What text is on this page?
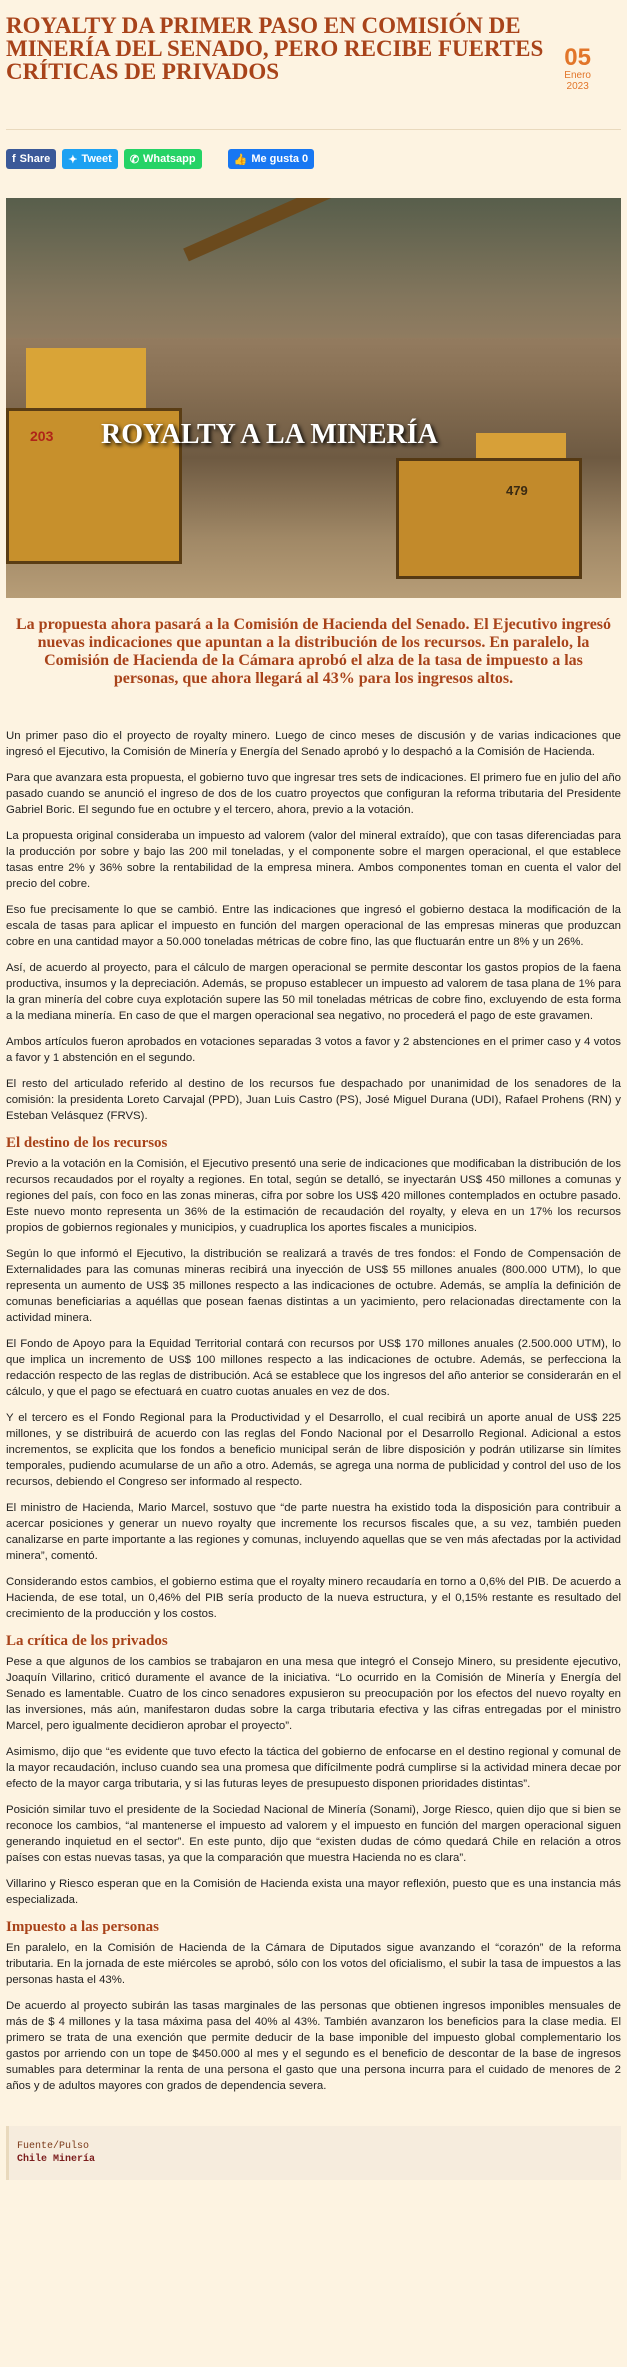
ROYALTY DA PRIMER PASO EN COMISIÓN DE MINERÍA DEL SENADO, PERO RECIBE FUERTES CRÍTICAS DE PRIVADOS
05
Enero
2023
f Share ✦ Tweet ✆ Whatsapp	👍 Me gusta 0
203
479
ROYALTY A LA MINERÍA

La propuesta ahora pasará a la Comisión de Hacienda del Senado. El Ejecutivo ingresó nuevas indicaciones que apuntan a la distribución de los recursos. En paralelo, la Comisión de Hacienda de la Cámara aprobó el alza de la tasa de impuesto a las personas, que ahora llegará al 43% para los ingresos altos.

Un primer paso dio el proyecto de royalty minero. Luego de cinco meses de discusión y de varias indicaciones que ingresó el Ejecutivo, la Comisión de Minería y Energía del Senado aprobó y lo despachó a la Comisión de Hacienda.

Para que avanzara esta propuesta, el gobierno tuvo que ingresar tres sets de indicaciones. El primero fue en julio del año pasado cuando se anunció el ingreso de dos de los cuatro proyectos que configuran la reforma tributaria del Presidente Gabriel Boric. El segundo fue en octubre y el tercero, ahora, previo a la votación.

La propuesta original consideraba un impuesto ad valorem (valor del mineral extraído), que con tasas diferenciadas para la producción por sobre y bajo las 200 mil toneladas, y el componente sobre el margen operacional, el que establece tasas entre 2% y 36% sobre la rentabilidad de la empresa minera. Ambos componentes toman en cuenta el valor del precio del cobre.

Eso fue precisamente lo que se cambió. Entre las indicaciones que ingresó el gobierno destaca la modificación de la escala de tasas para aplicar el impuesto en función del margen operacional de las empresas mineras que produzcan cobre en una cantidad mayor a 50.000 toneladas métricas de cobre fino, las que fluctuarán entre un 8% y un 26%.

Así, de acuerdo al proyecto, para el cálculo de margen operacional se permite descontar los gastos propios de la faena productiva, insumos y la depreciación. Además, se propuso establecer un impuesto ad valorem de tasa plana de 1% para la gran minería del cobre cuya explotación supere las 50 mil toneladas métricas de cobre fino, excluyendo de esta forma a la mediana minería. En caso de que el margen operacional sea negativo, no procederá el pago de este gravamen.

Ambos artículos fueron aprobados en votaciones separadas 3 votos a favor y 2 abstenciones en el primer caso y 4 votos a favor y 1 abstención en el segundo.

El resto del articulado referido al destino de los recursos fue despachado por unanimidad de los senadores de la comisión: la presidenta Loreto Carvajal (PPD), Juan Luis Castro (PS), José Miguel Durana (UDI), Rafael Prohens (RN) y Esteban Velásquez (FRVS).

El destino de los recursos

Previo a la votación en la Comisión, el Ejecutivo presentó una serie de indicaciones que modificaban la distribución de los recursos recaudados por el royalty a regiones. En total, según se detalló, se inyectarán US$ 450 millones a comunas y regiones del país, con foco en las zonas mineras, cifra por sobre los US$ 420 millones contemplados en octubre pasado. Este nuevo monto representa un 36% de la estimación de recaudación del royalty, y eleva en un 17% los recursos propios de gobiernos regionales y municipios, y cuadruplica los aportes fiscales a municipios.

Según lo que informó el Ejecutivo, la distribución se realizará a través de tres fondos: el Fondo de Compensación de Externalidades para las comunas mineras recibirá una inyección de US$ 55 millones anuales (800.000 UTM), lo que representa un aumento de US$ 35 millones respecto a las indicaciones de octubre. Además, se amplía la definición de comunas beneficiarias a aquéllas que posean faenas distintas a un yacimiento, pero relacionadas directamente con la actividad minera.

El Fondo de Apoyo para la Equidad Territorial contará con recursos por US$ 170 millones anuales (2.500.000 UTM), lo que implica un incremento de US$ 100 millones respecto a las indicaciones de octubre. Además, se perfecciona la redacción respecto de las reglas de distribución. Acá se establece que los ingresos del año anterior se considerarán en el cálculo, y que el pago se efectuará en cuatro cuotas anuales en vez de dos.

Y el tercero es el Fondo Regional para la Productividad y el Desarrollo, el cual recibirá un aporte anual de US$ 225 millones, y se distribuirá de acuerdo con las reglas del Fondo Nacional por el Desarrollo Regional. Adicional a estos incrementos, se explicita que los fondos a beneficio municipal serán de libre disposición y podrán utilizarse sin límites temporales, pudiendo acumularse de un año a otro. Además, se agrega una norma de publicidad y control del uso de los recursos, debiendo el Congreso ser informado al respecto.

El ministro de Hacienda, Mario Marcel, sostuvo que “de parte nuestra ha existido toda la disposición para contribuir a acercar posiciones y generar un nuevo royalty que incremente los recursos fiscales que, a su vez, también pueden canalizarse en parte importante a las regiones y comunas, incluyendo aquellas que se ven más afectadas por la actividad minera”, comentó.

Considerando estos cambios, el gobierno estima que el royalty minero recaudaría en torno a 0,6% del PIB. De acuerdo a Hacienda, de ese total, un 0,46% del PIB sería producto de la nueva estructura, y el 0,15% restante es resultado del crecimiento de la producción y los costos.

La crítica de los privados

Pese a que algunos de los cambios se trabajaron en una mesa que integró el Consejo Minero, su presidente ejecutivo, Joaquín Villarino, criticó duramente el avance de la iniciativa. “Lo ocurrido en la Comisión de Minería y Energía del Senado es lamentable. Cuatro de los cinco senadores expusieron su preocupación por los efectos del nuevo royalty en las inversiones, más aún, manifestaron dudas sobre la carga tributaria efectiva y las cifras entregadas por el ministro Marcel, pero igualmente decidieron aprobar el proyecto”.

Asimismo, dijo que “es evidente que tuvo efecto la táctica del gobierno de enfocarse en el destino regional y comunal de la mayor recaudación, incluso cuando sea una promesa que difícilmente podrá cumplirse si la actividad minera decae por efecto de la mayor carga tributaria, y si las futuras leyes de presupuesto disponen prioridades distintas”.

Posición similar tuvo el presidente de la Sociedad Nacional de Minería (Sonami), Jorge Riesco, quien dijo que si bien se reconoce los cambios, “al mantenerse el impuesto ad valorem y el impuesto en función del margen operacional siguen generando inquietud en el sector”. En este punto, dijo que “existen dudas de cómo quedará Chile en relación a otros países con estas nuevas tasas, ya que la comparación que muestra Hacienda no es clara”.

Villarino y Riesco esperan que en la Comisión de Hacienda exista una mayor reflexión, puesto que es una instancia más especializada.

Impuesto a las personas

En paralelo, en la Comisión de Hacienda de la Cámara de Diputados sigue avanzando el “corazón” de la reforma tributaria. En la jornada de este miércoles se aprobó, sólo con los votos del oficialismo, el subir la tasa de impuestos a las personas hasta el 43%.

De acuerdo al proyecto subirán las tasas marginales de las personas que obtienen ingresos imponibles mensuales de más de $ 4 millones y la tasa máxima pasa del 40% al 43%. También avanzaron los beneficios para la clase media. El primero se trata de una exención que permite deducir de la base imponible del impuesto global complementario los gastos por arriendo con un tope de $450.000 al mes y el segundo es el beneficio de descontar de la base de ingresos sumables para determinar la renta de una persona el gasto que una persona incurra para el cuidado de menores de 2 años y de adultos mayores con grados de dependencia severa.

Fuente/Pulso
Chile Minería
